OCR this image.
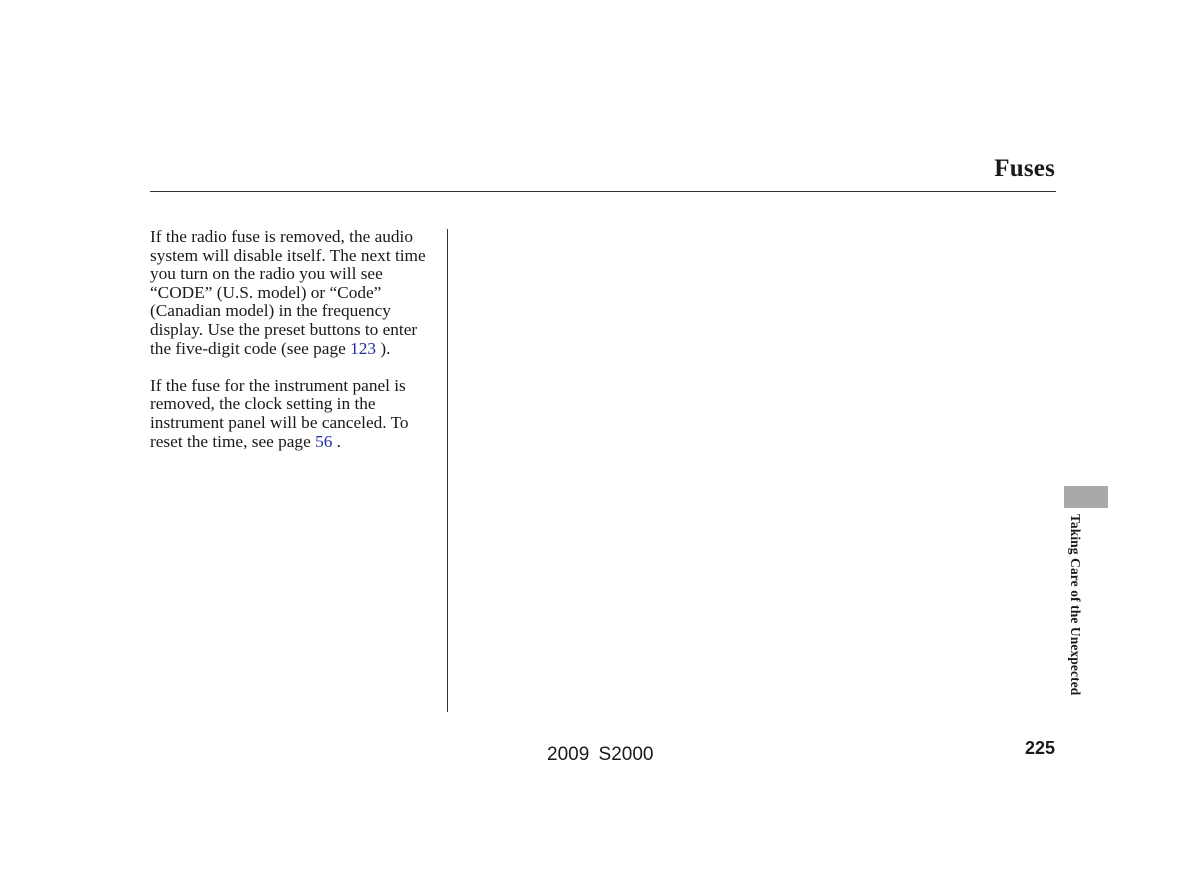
Fuses

If the radio fuse is removed, the audio system will disable itself. The next time you turn on the radio you will see “CODE” (U.S. model) or “Code” (Canadian model) in the frequency display. Use the preset buttons to enter the five-digit code (see page 123 ).

If the fuse for the instrument panel is removed, the clock setting in the instrument panel will be canceled. To reset the time, see page 56 .

Taking Care of the Unexpected
225
2009 S2000
